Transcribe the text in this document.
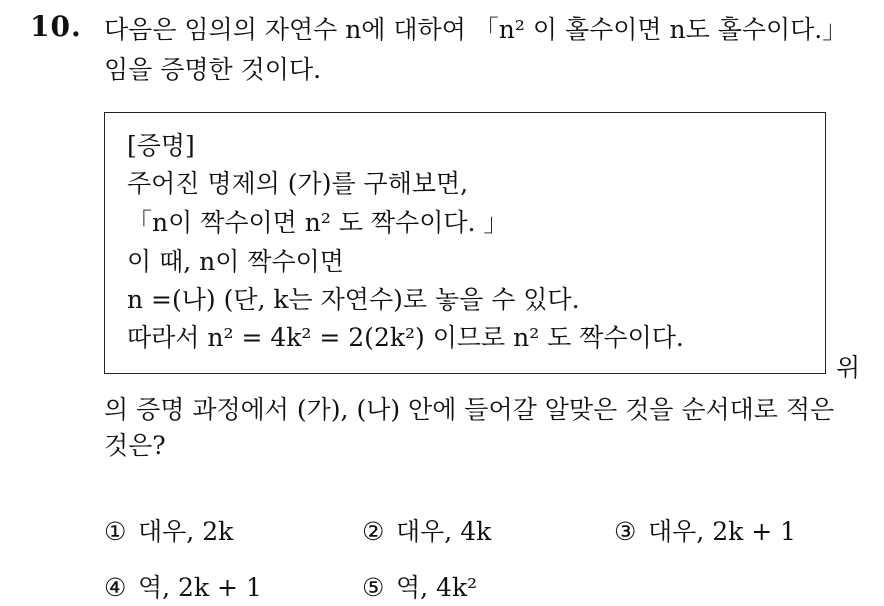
10. 다음은 임의의 자연수 n에 대하여 「n² 이 홀수이면 n도 홀수이다.」
임을 증명한 것이다.
[증명]
주어진 명제의 (가)를 구해보면,
「n이 짝수이면 n² 도 짝수이다. 」
이 때, n이 짝수이면
n =(나) (단, k는 자연수)로 놓을 수 있다.
따라서 n² = 4k² = 2(2k²) 이므로 n² 도 짝수이다.
위
의 증명 과정에서 (가), (나) 안에 들어갈 알맞은 것을 순서대로 적은
것은?
① 대우, 2k	② 대우, 4k	③ 대우, 2k + 1
④ 역, 2k + 1	⑤ 역, 4k²
